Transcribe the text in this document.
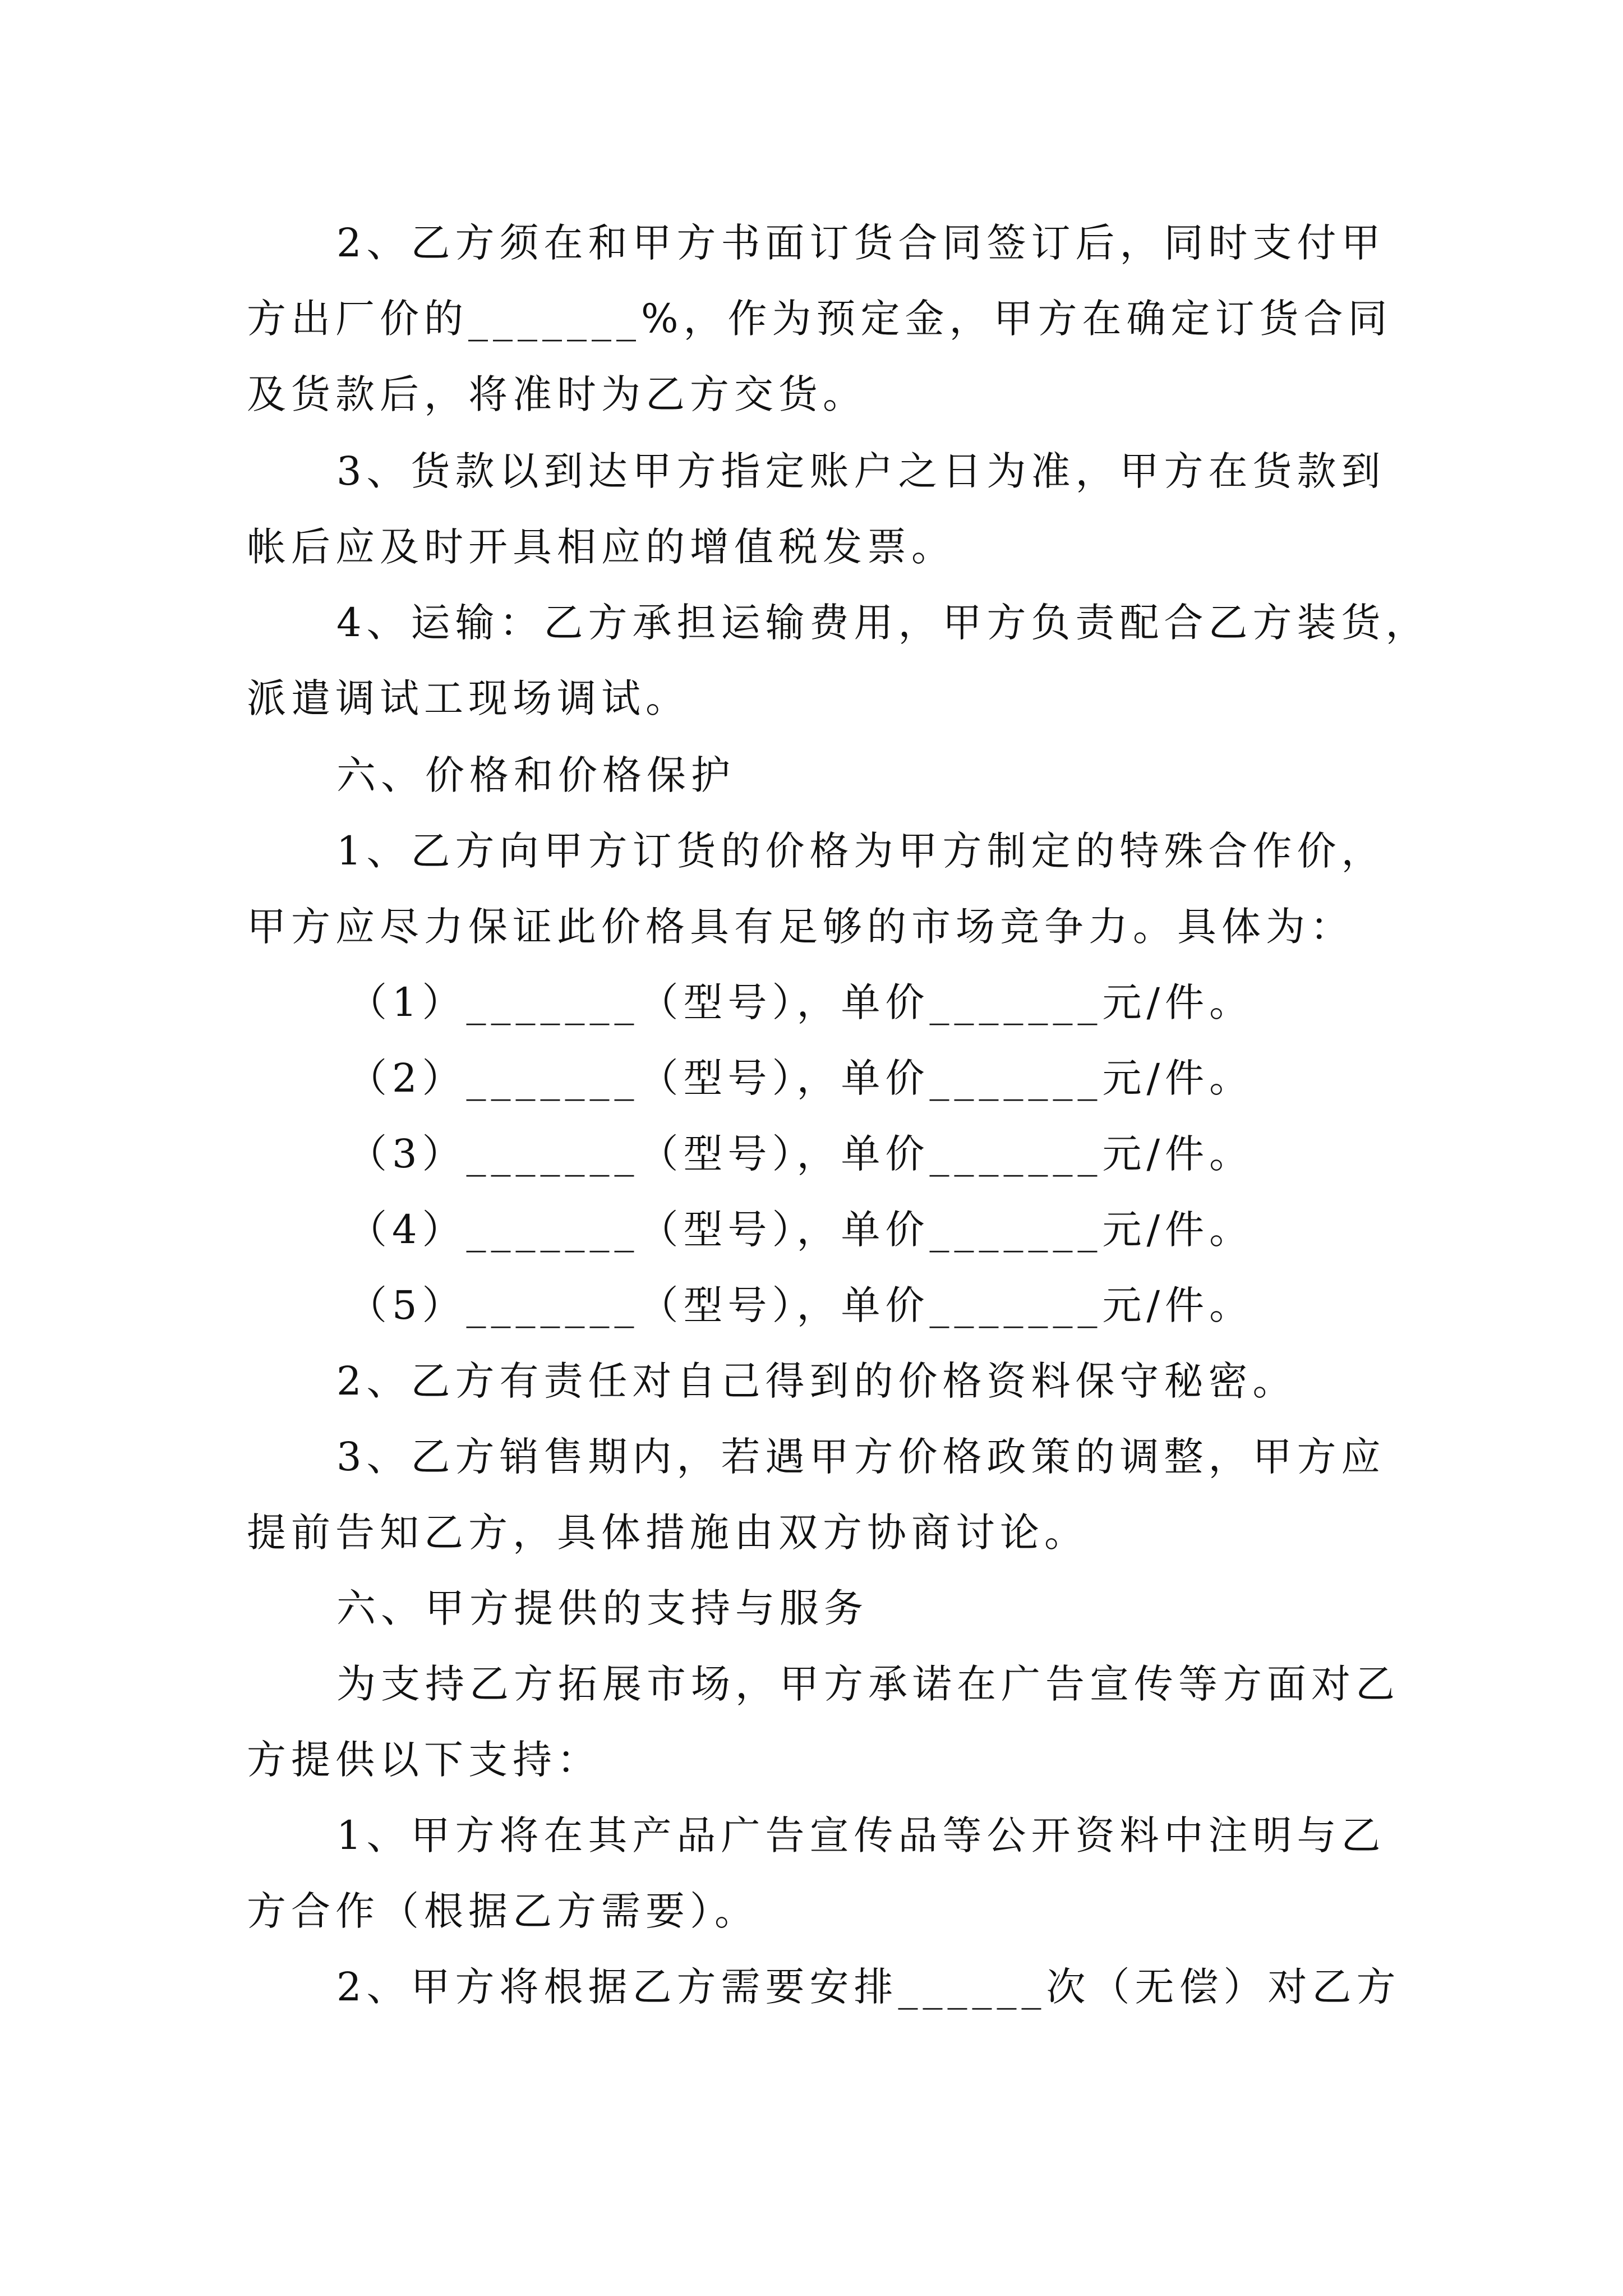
2、乙方须在和甲方书面订货合同签订后，同时支付甲
方出厂价的_______%，作为预定金，甲方在确定订货合同
及货款后，将准时为乙方交货。
3、货款以到达甲方指定账户之日为准，甲方在货款到
帐后应及时开具相应的增值税发票。
4、运输：乙方承担运输费用，甲方负责配合乙方装货，
派遣调试工现场调试。
六、价格和价格保护
1、乙方向甲方订货的价格为甲方制定的特殊合作价，
甲方应尽力保证此价格具有足够的市场竞争力。具体为：
（1）_______（型号），单价_______元/件。
（2）_______（型号），单价_______元/件。
（3）_______（型号），单价_______元/件。
（4）_______（型号），单价_______元/件。
（5）_______（型号），单价_______元/件。
2、乙方有责任对自己得到的价格资料保守秘密。
3、乙方销售期内，若遇甲方价格政策的调整，甲方应
提前告知乙方，具体措施由双方协商讨论。
六、甲方提供的支持与服务
为支持乙方拓展市场，甲方承诺在广告宣传等方面对乙
方提供以下支持：
1、甲方将在其产品广告宣传品等公开资料中注明与乙
方合作（根据乙方需要）。
2、甲方将根据乙方需要安排______次（无偿）对乙方
